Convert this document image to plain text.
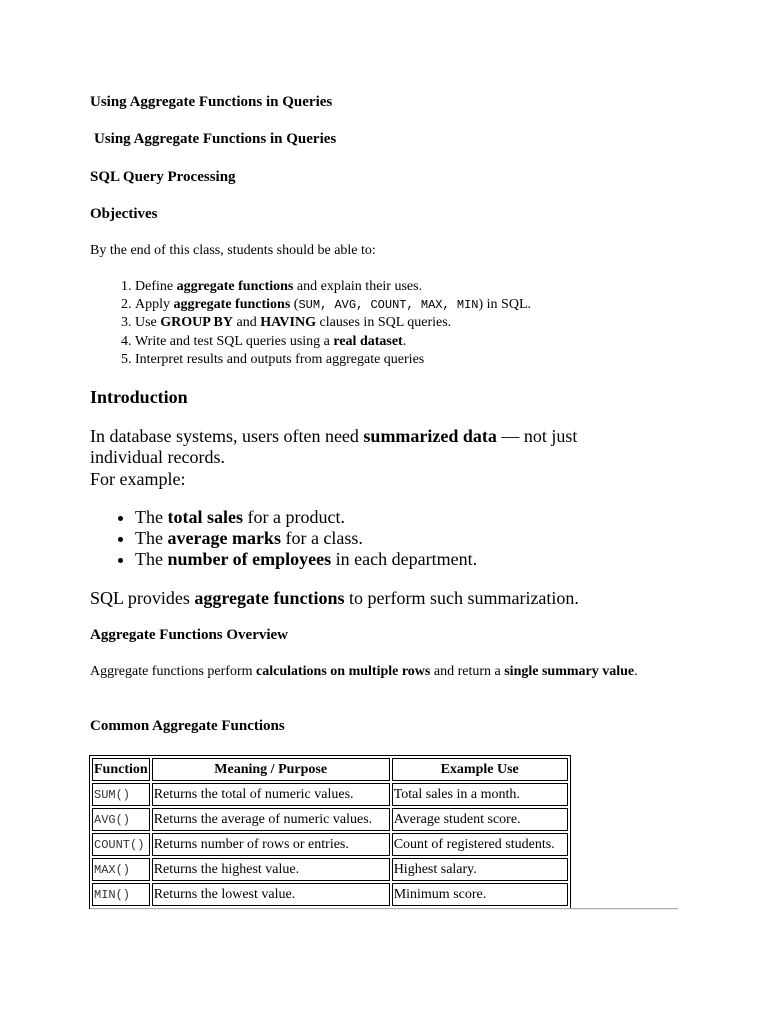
Using Aggregate Functions in Queries

Using Aggregate Functions in Queries

SQL Query Processing

Objectives

By the end of this class, students should be able to:

1. Define aggregate functions and explain their uses.
2. Apply aggregate functions (SUM, AVG, COUNT, MAX, MIN) in SQL.
3. Use GROUP BY and HAVING clauses in SQL queries.
4. Write and test SQL queries using a real dataset.
5. Interpret results and outputs from aggregate queries

Introduction

In database systems, users often need summarized data — not just individual records.

For example:

• The total sales for a product.
• The average marks for a class.
• The number of employees in each department.

SQL provides aggregate functions to perform such summarization.

Aggregate Functions Overview

Aggregate functions perform calculations on multiple rows and return a single summary value.

Common Aggregate Functions

Function	Meaning / Purpose	Example Use
SUM()	Returns the total of numeric values.	Total sales in a month.
AVG()	Returns the average of numeric values.	Average student score.
COUNT()	Returns number of rows or entries.	Count of registered students.
MAX()	Returns the highest value.	Highest salary.
MIN()	Returns the lowest value.	Minimum score.
